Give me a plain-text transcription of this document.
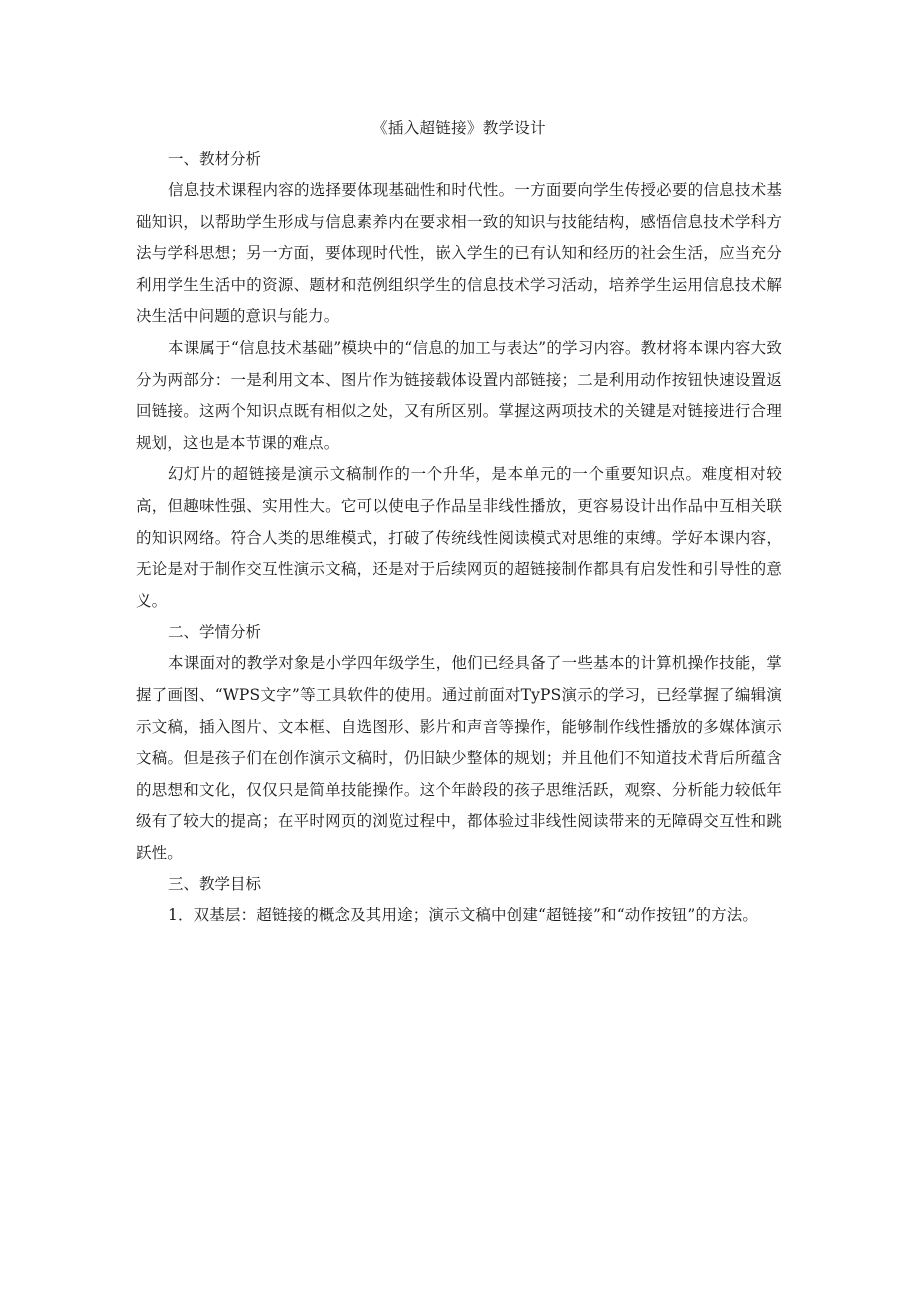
《插入超链接》教学设计
一、教材分析

信息技术课程内容的选择要体现基础性和时代性。一方面要向学生传授必要的信息技术基础知识，以帮助学生形成与信息素养内在要求相一致的知识与技能结构，感悟信息技术学科方法与学科思想；另一方面，要体现时代性，嵌入学生的已有认知和经历的社会生活，应当充分利用学生生活中的资源、题材和范例组织学生的信息技术学习活动，培养学生运用信息技术解决生活中问题的意识与能力。

本课属于“信息技术基础”模块中的“信息的加工与表达”的学习内容。教材将本课内容大致分为两部分：一是利用文本、图片作为链接载体设置内部链接；二是利用动作按钮快速设置返回链接。这两个知识点既有相似之处，又有所区别。掌握这两项技术的关键是对链接进行合理规划，这也是本节课的难点。

幻灯片的超链接是演示文稿制作的一个升华，是本单元的一个重要知识点。难度相对较高，但趣味性强、实用性大。它可以使电子作品呈非线性播放，更容易设计出作品中互相关联的知识网络。符合人类的思维模式，打破了传统线性阅读模式对思维的束缚。学好本课内容，无论是对于制作交互性演示文稿，还是对于后续网页的超链接制作都具有启发性和引导性的意义。

二、学情分析

本课面对的教学对象是小学四年级学生，他们已经具备了一些基本的计算机操作技能，掌握了画图、“WPS文字”等工具软件的使用。通过前面对TyPS演示的学习，已经掌握了编辑演示文稿，插入图片、文本框、自选图形、影片和声音等操作，能够制作线性播放的多媒体演示文稿。但是孩子们在创作演示文稿时，仍旧缺少整体的规划；并且他们不知道技术背后所蕴含的思想和文化，仅仅只是简单技能操作。这个年龄段的孩子思维活跃，观察、分析能力较低年级有了较大的提高；在平时网页的浏览过程中，都体验过非线性阅读带来的无障碍交互性和跳跃性。

三、教学目标

1．双基层：超链接的概念及其用途；演示文稿中创建“超链接”和“动作按钮”的方法。
